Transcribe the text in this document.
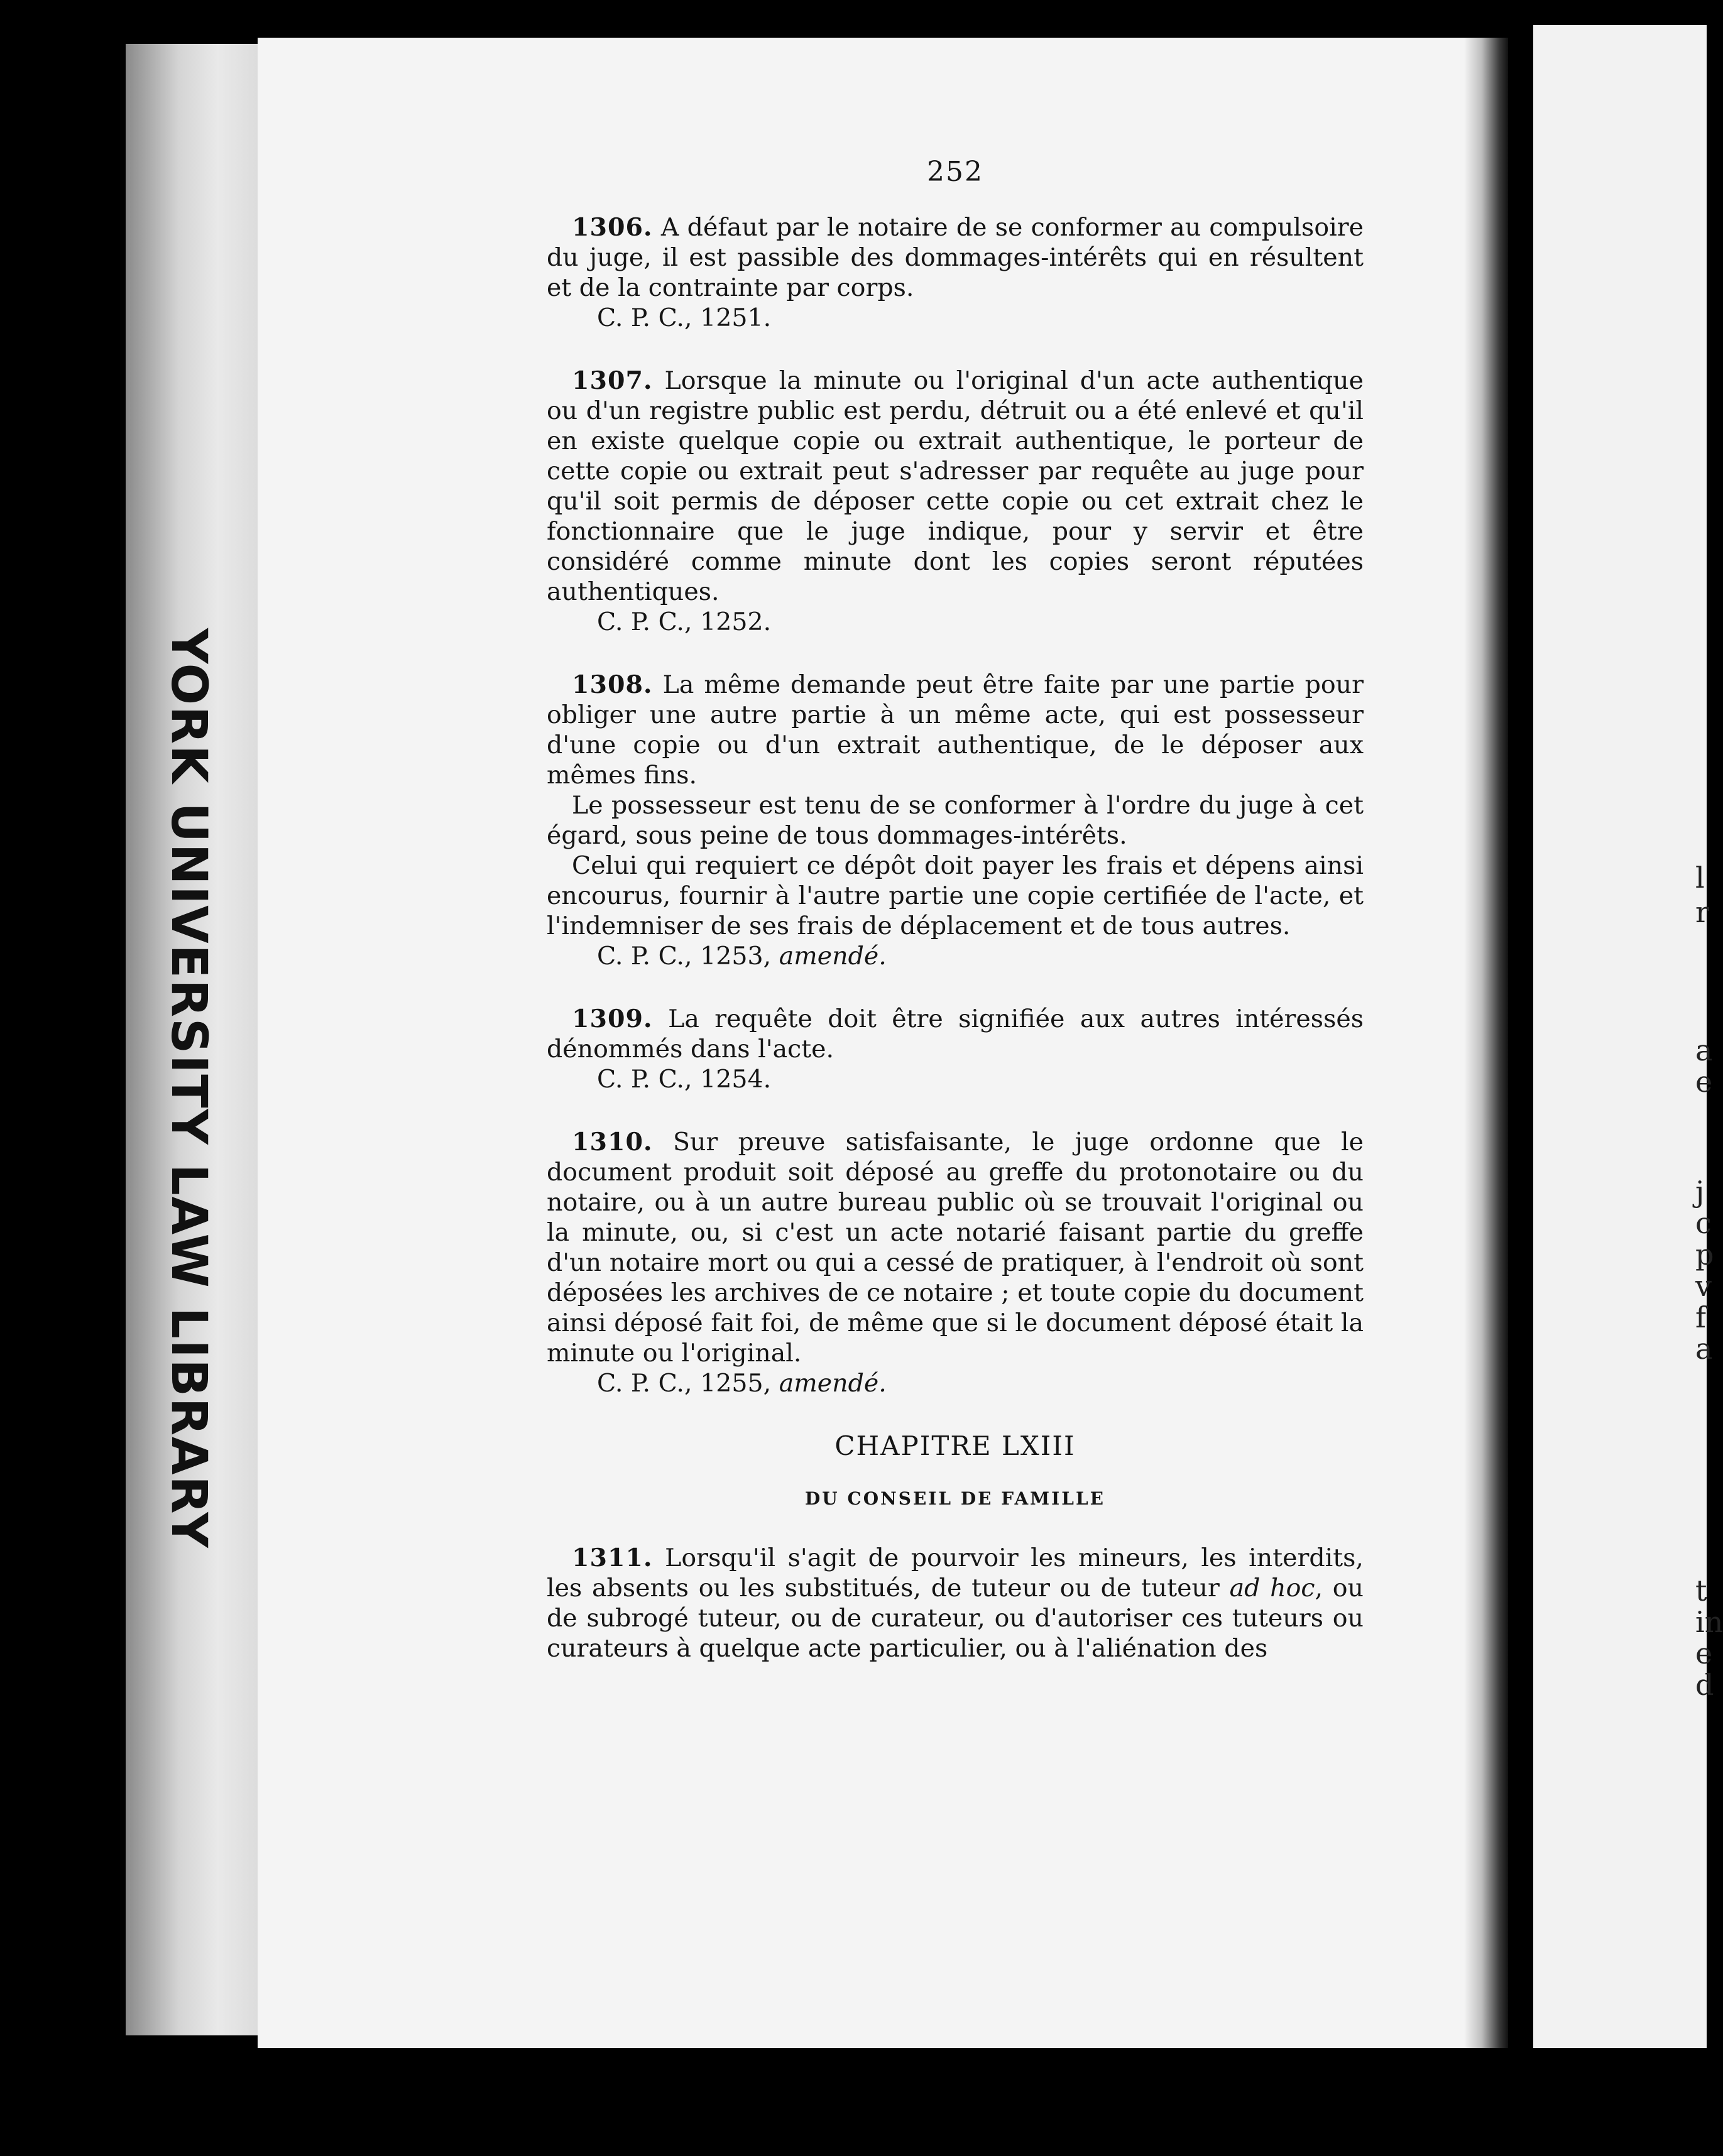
YORK UNIVERSITY LAW LIBRARY	l
r
a
e
j
c
p
v
f
a
t
in
e
d
252

1306. A défaut par le notaire de se conformer au compulsoire du juge, il est passible des dommages-intérêts qui en résultent et de la contrainte par corps.

C. P. C., 1251.

1307. Lorsque la minute ou l'original d'un acte authentique ou d'un registre public est perdu, détruit ou a été enlevé et qu'il en existe quelque copie ou extrait authentique, le porteur de cette copie ou extrait peut s'adresser par requête au juge pour qu'il soit permis de déposer cette copie ou cet extrait chez le fonctionnaire que le juge indique, pour y servir et être considéré comme minute dont les copies seront réputées authentiques.

C. P. C., 1252.

1308. La même demande peut être faite par une partie pour obliger une autre partie à un même acte, qui est possesseur d'une copie ou d'un extrait authentique, de le déposer aux mêmes fins.

Le possesseur est tenu de se conformer à l'ordre du juge à cet égard, sous peine de tous dommages-intérêts.

Celui qui requiert ce dépôt doit payer les frais et dépens ainsi encourus, fournir à l'autre partie une copie certifiée de l'acte, et l'indemniser de ses frais de déplacement et de tous autres.

C. P. C., 1253, amendé.

1309. La requête doit être signifiée aux autres intéressés dénommés dans l'acte.

C. P. C., 1254.

1310. Sur preuve satisfaisante, le juge ordonne que le document produit soit déposé au greffe du protonotaire ou du notaire, ou à un autre bureau public où se trouvait l'original ou la minute, ou, si c'est un acte notarié faisant partie du greffe d'un notaire mort ou qui a cessé de pratiquer, à l'endroit où sont déposées les archives de ce notaire ; et toute copie du document ainsi déposé fait foi, de même que si le document déposé était la minute ou l'original.

C. P. C., 1255, amendé.

CHAPITRE LXIII
DU CONSEIL DE FAMILLE

1311. Lorsqu'il s'agit de pourvoir les mineurs, les interdits, les absents ou les substitués, de tuteur ou de tuteur ad hoc, ou de subrogé tuteur, ou de curateur, ou d'autoriser ces tuteurs ou curateurs à quelque acte particulier, ou à l'aliénation des
